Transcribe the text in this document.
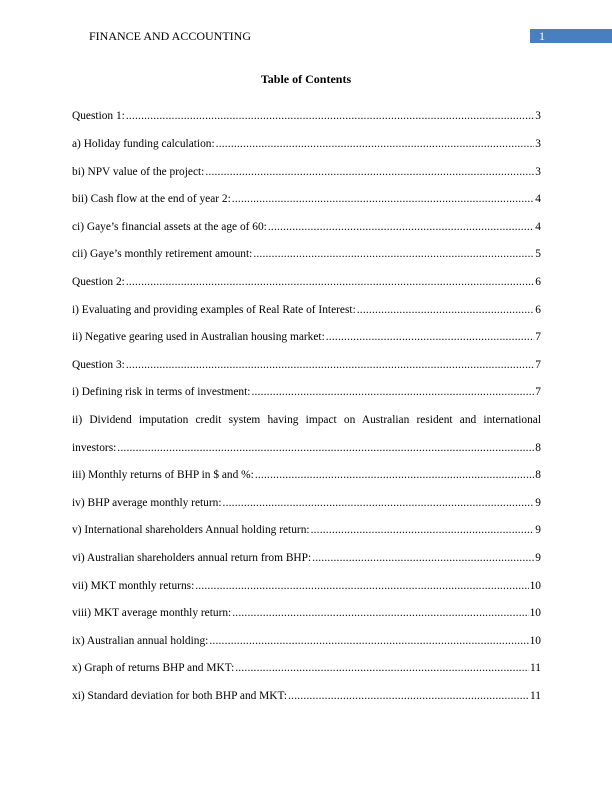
FINANCE AND ACCOUNTING	1
Table of Contents
Question 1: .....	3
a) Holiday funding calculation: .....	3
bi) NPV value of the project: .....	3
bii) Cash flow at the end of year 2: .....	4
ci) Gaye’s financial assets at the age of 60: .....	4
cii) Gaye’s monthly retirement amount: .....	5
Question 2: .....	6
i) Evaluating and providing examples of Real Rate of Interest: .....	6
ii) Negative gearing used in Australian housing market: .....	7
Question 3: .....	7
i) Defining risk in terms of investment: .....	7
ii) Dividend imputation credit system having impact on Australian resident and international
investors: .....	8
iii) Monthly returns of BHP in $ and %: .....	8
iv) BHP average monthly return: .....	9
v) International shareholders Annual holding return: .....	9
vi) Australian shareholders annual return from BHP: .....	9
vii) MKT monthly returns: .....	10
viii) MKT average monthly return: .....	10
ix) Australian annual holding: .....	10
x) Graph of returns BHP and MKT: .....	11
xi) Standard deviation for both BHP and MKT: .....	11
